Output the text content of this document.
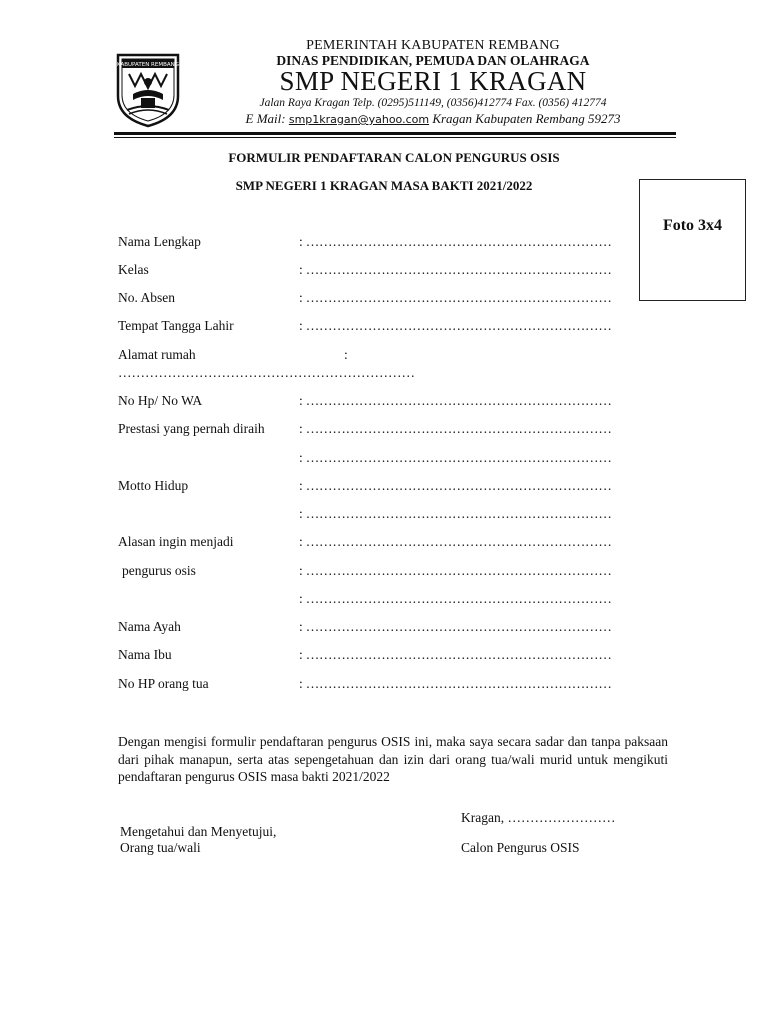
KABUPATEN REMBANG
PEMERINTAH KABUPATEN REMBANG
DINAS PENDIDIKAN, PEMUDA DAN OLAHRAGA
SMP NEGERI 1 KRAGAN
Jalan Raya Kragan Telp. (0295)511149, (0356)412774 Fax. (0356) 412774
E Mail: smp1kragan@yahoo.com Kragan Kabupaten Rembang 59273
FORMULIR PENDAFTARAN CALON PENGURUS OSIS
SMP NEGERI 1 KRAGAN MASA BAKTI 2021/2022
Foto 3x4
Nama Lengkap	: ……………………………………………………………
Kelas	: ……………………………………………………………
No. Absen	: ……………………………………………………………
Tempat Tangga Lahir	: ……………………………………………………………
Alamat rumah	:
…………………………………………………………
No Hp/ No WA	: ……………………………………………………………
Prestasi yang pernah diraih	: ……………………………………………………………
: ……………………………………………………………
Motto Hidup	: ……………………………………………………………
: ……………………………………………………………
Alasan ingin menjadi	: ……………………………………………………………
pengurus osis	: ……………………………………………………………
: ……………………………………………………………
Nama Ayah	: ……………………………………………………………
Nama Ibu	: ……………………………………………………………
No HP orang tua	: ……………………………………………………………
Dengan mengisi formulir pendaftaran pengurus OSIS ini, maka saya secara sadar dan tanpa paksaan dari pihak manapun, serta atas sepengetahuan dan izin dari orang tua/wali murid untuk mengikuti pendaftaran pengurus OSIS masa bakti 2021/2022
Kragan, ……………………
Mengetahui dan Menyetujui,
Orang tua/wali	Calon Pengurus OSIS
